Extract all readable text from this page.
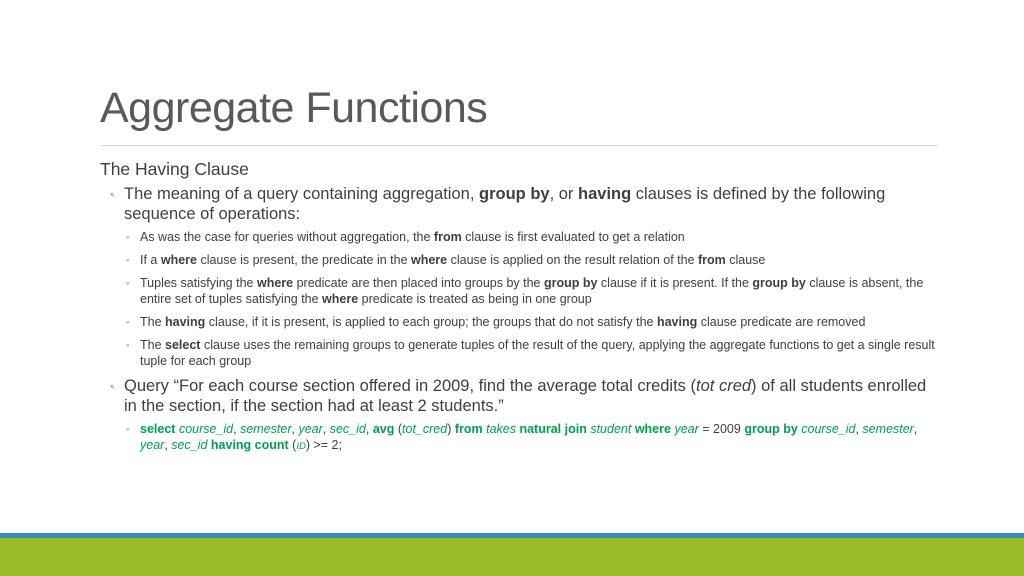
Aggregate Functions
The Having Clause
◦ The meaning of a query containing aggregation, group by, or having clauses is defined by the following sequence of operations:
◦ As was the case for queries without aggregation, the from clause is first evaluated to get a relation
◦ If a where clause is present, the predicate in the where clause is applied on the result relation of the from clause
◦ Tuples satisfying the where predicate are then placed into groups by the group by clause if it is present. If the group by clause is absent, the entire set of tuples satisfying the where predicate is treated as being in one group
◦ The having clause, if it is present, is applied to each group; the groups that do not satisfy the having clause predicate are removed
◦ The select clause uses the remaining groups to generate tuples of the result of the query, applying the aggregate functions to get a single result tuple for each group
◦ Query “For each course section offered in 2009, find the average total credits (tot cred) of all students enrolled in the section, if the section had at least 2 students.”
◦ select course_id, semester, year, sec_id, avg (tot_cred) from takes natural join student where year = 2009 group by course_id, semester, year, sec_id having count (ID) >= 2;
